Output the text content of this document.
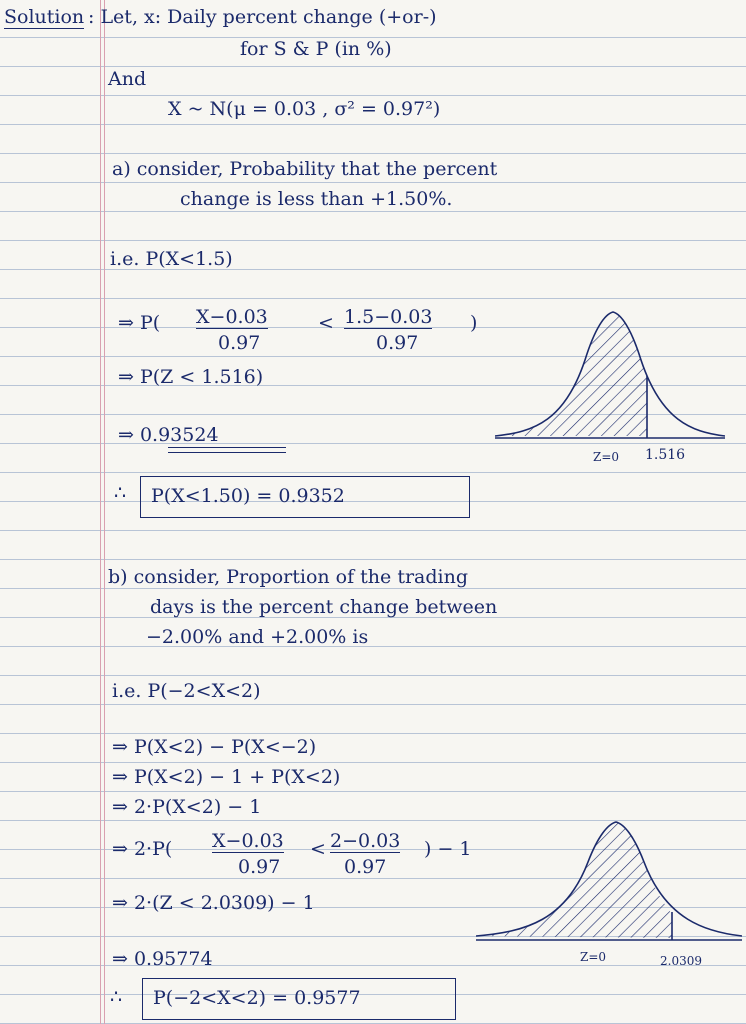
Solution : Let, x: Daily percent change (+or-)
for S & P (in %)
And
X ~ N(μ = 0.03 , σ² = 0.97²)
a) consider, Probability that the percent
change is less than +1.50%.
i.e. P(X<1.5)
⇒ P( X−0.03
0.97
< 1.5−0.03
0.97
)
⇒ P(Z < 1.516)
⇒ 0.93524
∴ P(X<1.50) = 0.9352
Z=0 1.516
b) consider, Proportion of the trading
days is the percent change between
−2.00% and +2.00% is
i.e. P(−2<X<2)
⇒ P(X<2) − P(X<−2)
⇒ P(X<2) − 1 + P(X<2)
⇒ 2·P(X<2) − 1
⇒ 2·P( X−0.03
0.97
< 2−0.03
0.97
) − 1
⇒ 2·(Z < 2.0309) − 1
⇒ 0.95774
∴ P(−2<X<2) = 0.9577
Z=0	2.0309
